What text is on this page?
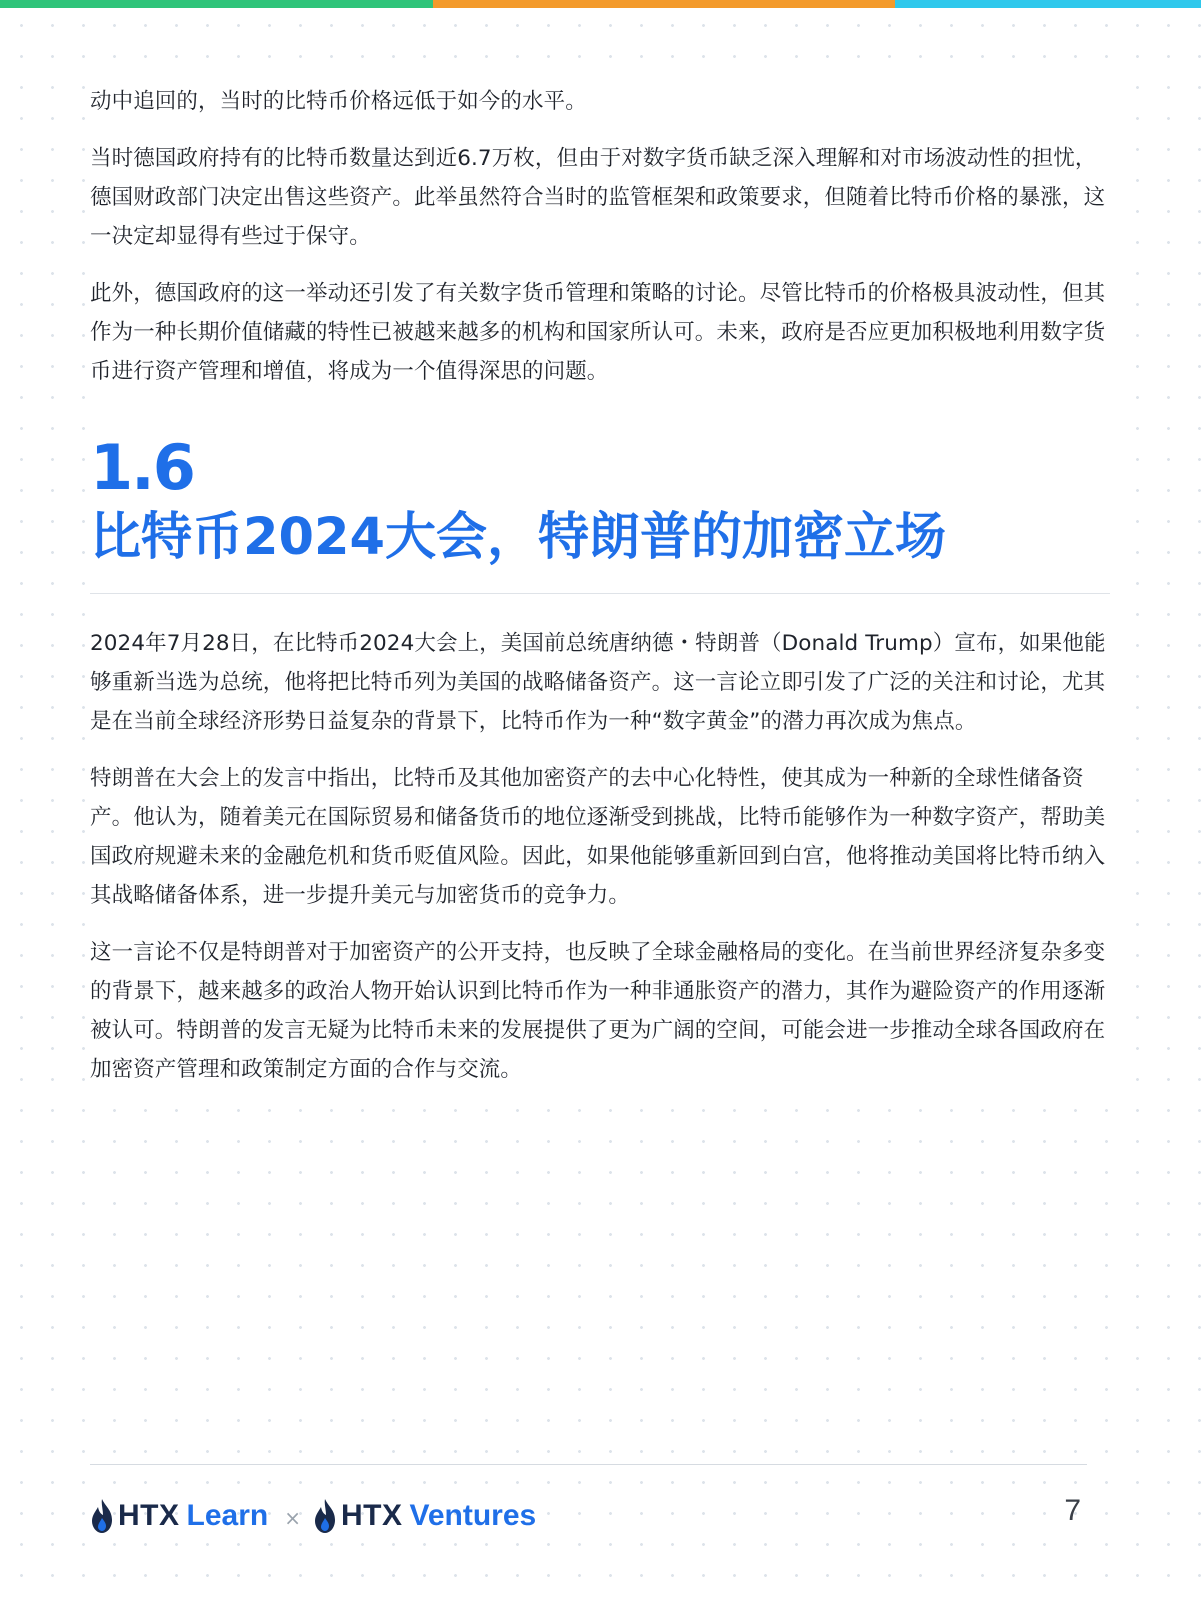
动中追回的，当时的比特币价格远低于如今的水平。

当时德国政府持有的比特币数量达到近6.7万枚，但由于对数字货币缺乏深入理解和对市场波动性的担忧，德国财政部门决定出售这些资产。此举虽然符合当时的监管框架和政策要求，但随着比特币价格的暴涨，这一决定却显得有些过于保守。

此外，德国政府的这一举动还引发了有关数字货币管理和策略的讨论。尽管比特币的价格极具波动性，但其作为一种长期价值储藏的特性已被越来越多的机构和国家所认可。未来，政府是否应更加积极地利用数字货币进行资产管理和增值，将成为一个值得深思的问题。

1.6
比特币2024大会，特朗普的加密立场

2024年7月28日，在比特币2024大会上，美国前总统唐纳德・特朗普（Donald Trump）宣布，如果他能够重新当选为总统，他将把比特币列为美国的战略储备资产。这一言论立即引发了广泛的关注和讨论，尤其是在当前全球经济形势日益复杂的背景下，比特币作为一种“数字黄金”的潜力再次成为焦点。

特朗普在大会上的发言中指出，比特币及其他加密资产的去中心化特性，使其成为一种新的全球性储备资产。他认为，随着美元在国际贸易和储备货币的地位逐渐受到挑战，比特币能够作为一种数字资产，帮助美国政府规避未来的金融危机和货币贬值风险。因此，如果他能够重新回到白宫，他将推动美国将比特币纳入其战略储备体系，进一步提升美元与加密货币的竞争力。

这一言论不仅是特朗普对于加密资产的公开支持，也反映了全球金融格局的变化。在当前世界经济复杂多变的背景下，越来越多的政治人物开始认识到比特币作为一种非通胀资产的潜力，其作为避险资产的作用逐渐被认可。特朗普的发言无疑为比特币未来的发展提供了更为广阔的空间，可能会进一步推动全球各国政府在加密资产管理和政策制定方面的合作与交流。

HTX Learn × HTX Ventures	7
